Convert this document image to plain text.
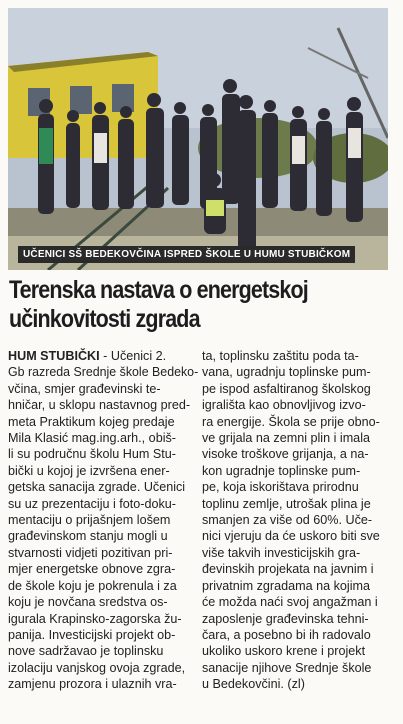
UČENICI SŠ BEDEKOVČINA ISPRED ŠKOLE U HUMU STUBIČKOM
Terenska nastava o energetskoj
učinkovitosti zgrada
HUM STUBIČKI - Učenici 2.
Gb razreda Srednje škole Bedeko-
včina, smjer građevinski te-
hničar, u sklopu nastavnog pred-
meta Praktikum kojeg predaje
Mila Klasić mag.ing.arh., obiš-
li su područnu školu Hum Stu-
bički u kojoj je izvršena ener-
getska sanacija zgrade. Učenici
su uz prezentaciju i foto-doku-
mentaciju o prijašnjem lošem
građevinskom stanju mogli u
stvarnosti vidjeti pozitivan pri-
mjer energetske obnove zgra-
de škole koju je pokrenula i za
koju je novčana sredstva os-
igurala Krapinsko-zagorska žu-
panija. Investicijski projekt ob-
nove sadržavao je toplinsku
izolaciju vanjskog ovoja zgrade,
zamjenu prozora i ulaznih vra-
ta, toplinsku zaštitu poda ta-
vana, ugradnju toplinske pum-
pe ispod asfaltiranog školskog
igrališta kao obnovljivog izvo-
ra energije. Škola se prije obno-
ve grijala na zemni plin i imala
visoke troškove grijanja, a na-
kon ugradnje toplinske pum-
pe, koja iskorištava prirodnu
toplinu zemlje, utrošak plina je
smanjen za više od 60%. Uče-
nici vjeruju da će uskoro biti sve
više takvih investicijskih gra-
đevinskih projekata na javnim i
privatnim zgradama na kojima
će možda naći svoj angažman i
zaposlenje građevinska tehni-
čara, a posebno bi ih radovalo
ukoliko uskoro krene i projekt
sanacije njihove Srednje škole
u Bedekovčini. (zl)
